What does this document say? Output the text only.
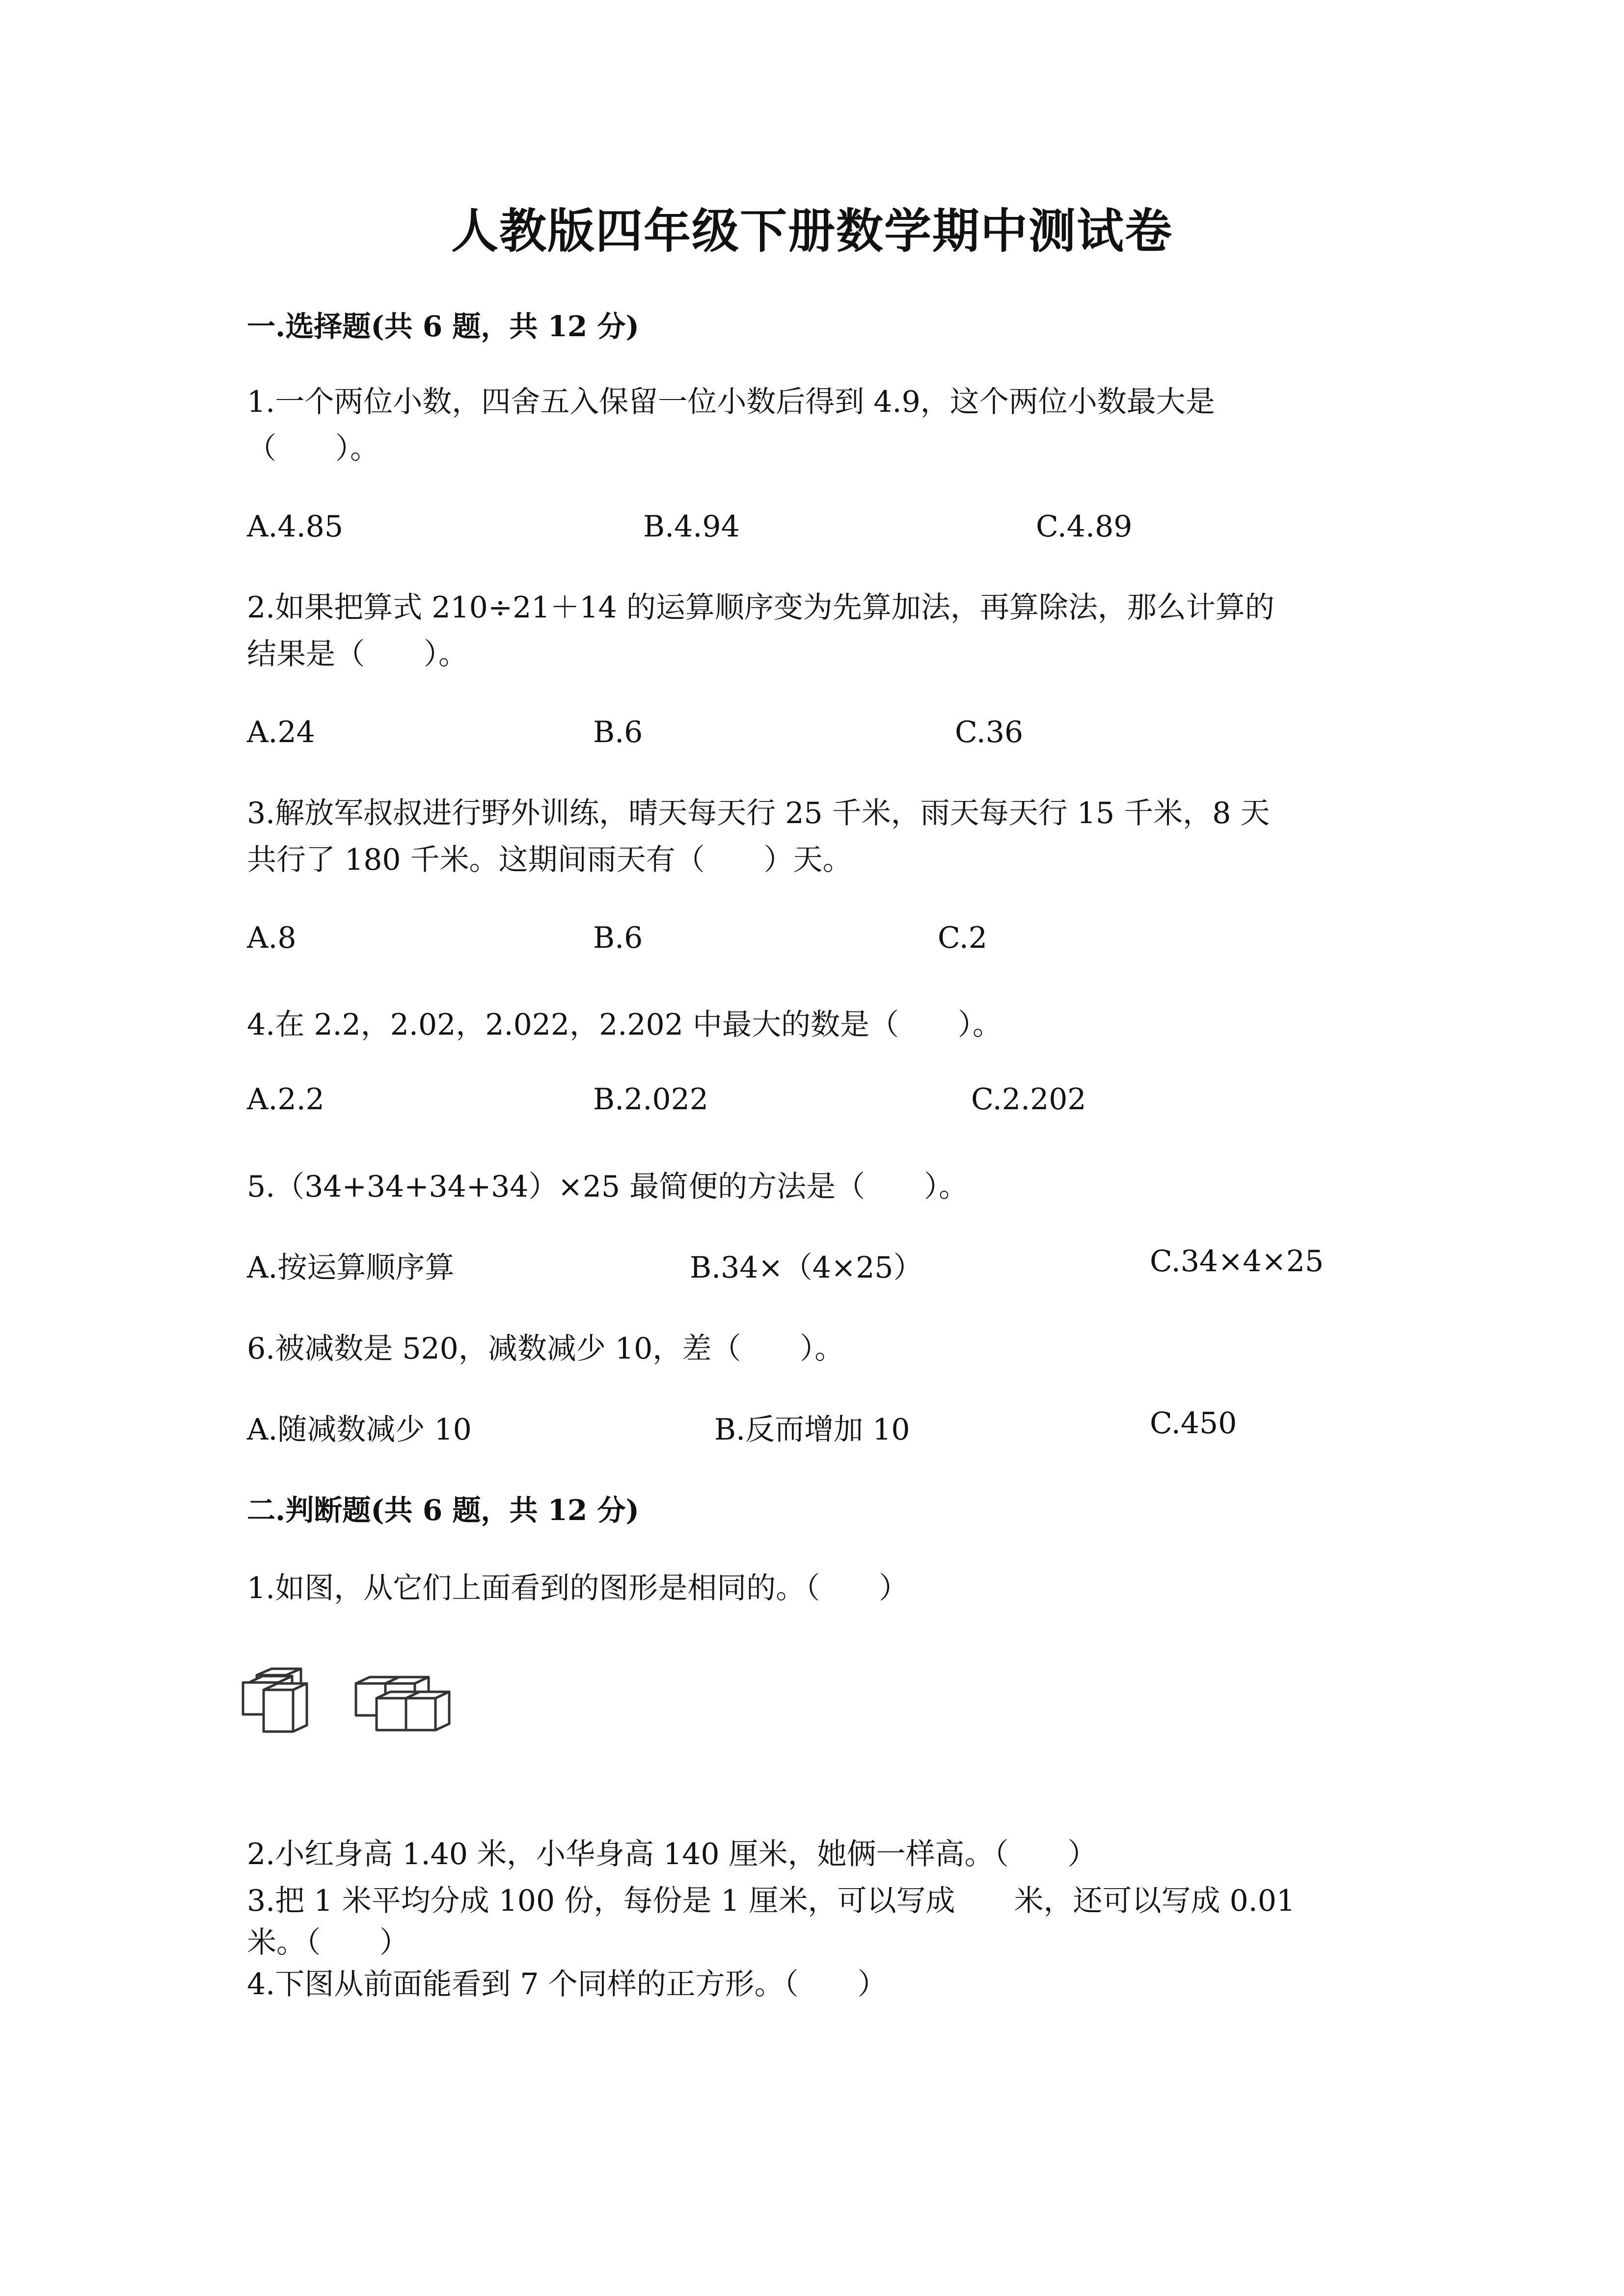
人教版四年级下册数学期中测试卷
一.选择题(共 6 题，共 12 分)
1.一个两位小数，四舍五入保留一位小数后得到 4.9，这个两位小数最大是
（　　）。
A.4.85	B.4.94	C.4.89
2.如果把算式 210÷21＋14 的运算顺序变为先算加法，再算除法，那么计算的
结果是（　　）。
A.24	B.6	C.36
3.解放军叔叔进行野外训练，晴天每天行 25 千米，雨天每天行 15 千米，8 天
共行了 180 千米。这期间雨天有（　　）天。
A.8	B.6	C.2
4.在 2.2，2.02，2.022，2.202 中最大的数是（　　）。
A.2.2	B.2.022	C.2.202
5.（34+34+34+34）×25 最简便的方法是（　　）。
A.按运算顺序算	B.34×（4×25）	C.34×4×25
6.被减数是 520，减数减少 10，差（　　）。
A.随减数减少 10	B.反而增加 10	C.450
二.判断题(共 6 题，共 12 分)
1.如图，从它们上面看到的图形是相同的。（　　）
2.小红身高 1.40 米，小华身高 140 厘米，她俩一样高。（　　）
3.把 1 米平均分成 100 份，每份是 1 厘米，可以写成　　米，还可以写成 0.01
米。（　　）
4.下图从前面能看到 7 个同样的正方形。（　　）
